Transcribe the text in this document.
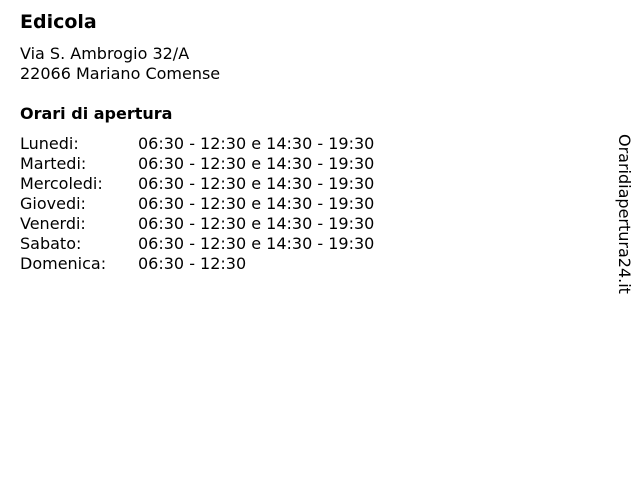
Edicola
Via S. Ambrogio 32/A
22066 Mariano Comense
Orari di apertura
Lunedi:	06:30 - 12:30 e 14:30 - 19:30
Martedi:	06:30 - 12:30 e 14:30 - 19:30
Mercoledi:	06:30 - 12:30 e 14:30 - 19:30
Giovedi:	06:30 - 12:30 e 14:30 - 19:30
Venerdi:	06:30 - 12:30 e 14:30 - 19:30
Sabato:	06:30 - 12:30 e 14:30 - 19:30
Domenica:	06:30 - 12:30	Oraridiapertura24.it
